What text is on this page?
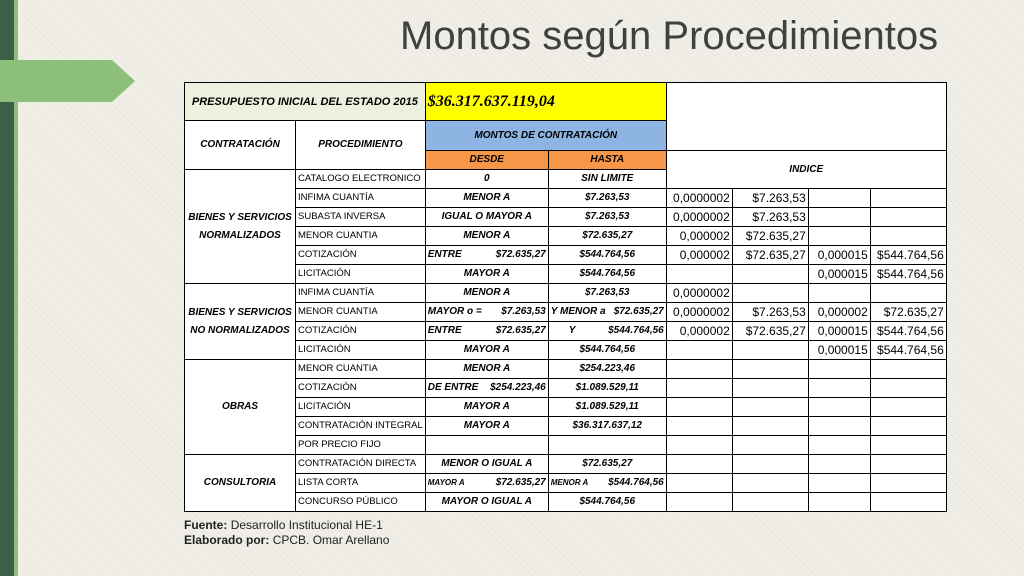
Montos según Procedimientos
PRESUPUESTO INICIAL DEL ESTADO 2015		$36.317.637.119,04					
CONTRATACIÓN	PROCEDIMIENTO	MONTOS DE CONTRATACIÓN					
		DESDE	HASTA	INDICE			
BIENES Y SERVICIOS NORMALIZADOS	CATALOGO ELECTRONICO	0	SIN LIMITE				
	INFIMA CUANTÍA	MENOR A	$7.263,53	0,0000002	$7.263,53		
	SUBASTA INVERSA	IGUAL O MAYOR A	$7.263,53	0,0000002	$7.263,53		
	MENOR CUANTIA	MENOR A	$72.635,27	0,000002	$72.635,27		
	COTIZACIÓN	ENTRE $72.635,27	$544.764,56	0,000002	$72.635,27	0,000015	$544.764,56
	LICITACIÓN	MAYOR A	$544.764,56			0,000015	$544.764,56
BIENES Y SERVICIOS NO NORMALIZADOS	INFIMA CUANTÍA	MENOR A	$7.263,53	0,0000002			
	MENOR CUANTIA	MAYOR o = $7.263,53	Y MENOR a $72.635,27	0,0000002	$7.263,53	0,000002	$72.635,27
	COTIZACIÓN	ENTRE $72.635,27	Y $544.764,56	0,000002	$72.635,27	0,000015	$544.764,56
	LICITACIÓN	MAYOR A	$544.764,56			0,000015	$544.764,56
OBRAS	MENOR CUANTIA	MENOR A	$254.223,46				
	COTIZACIÓN	DE ENTRE $254.223,46	$1.089.529,11				
	LICITACIÓN	MAYOR A	$1.089.529,11				
	CONTRATACIÓN INTEGRAL	MAYOR A	$36.317.637,12				
	POR PRECIO FIJO						
CONSULTORIA	CONTRATACIÓN DIRECTA	MENOR O IGUAL A	$72.635,27				
	LISTA CORTA	MAYOR A $72.635,27	MENOR A $544.764,56				

	CONCURSO PÚBLICO	MAYOR O IGUAL A	$544.764,56				
Fuente: Desarrollo Institucional HE-1
Elaborado por: CPCB. Omar Arellano
